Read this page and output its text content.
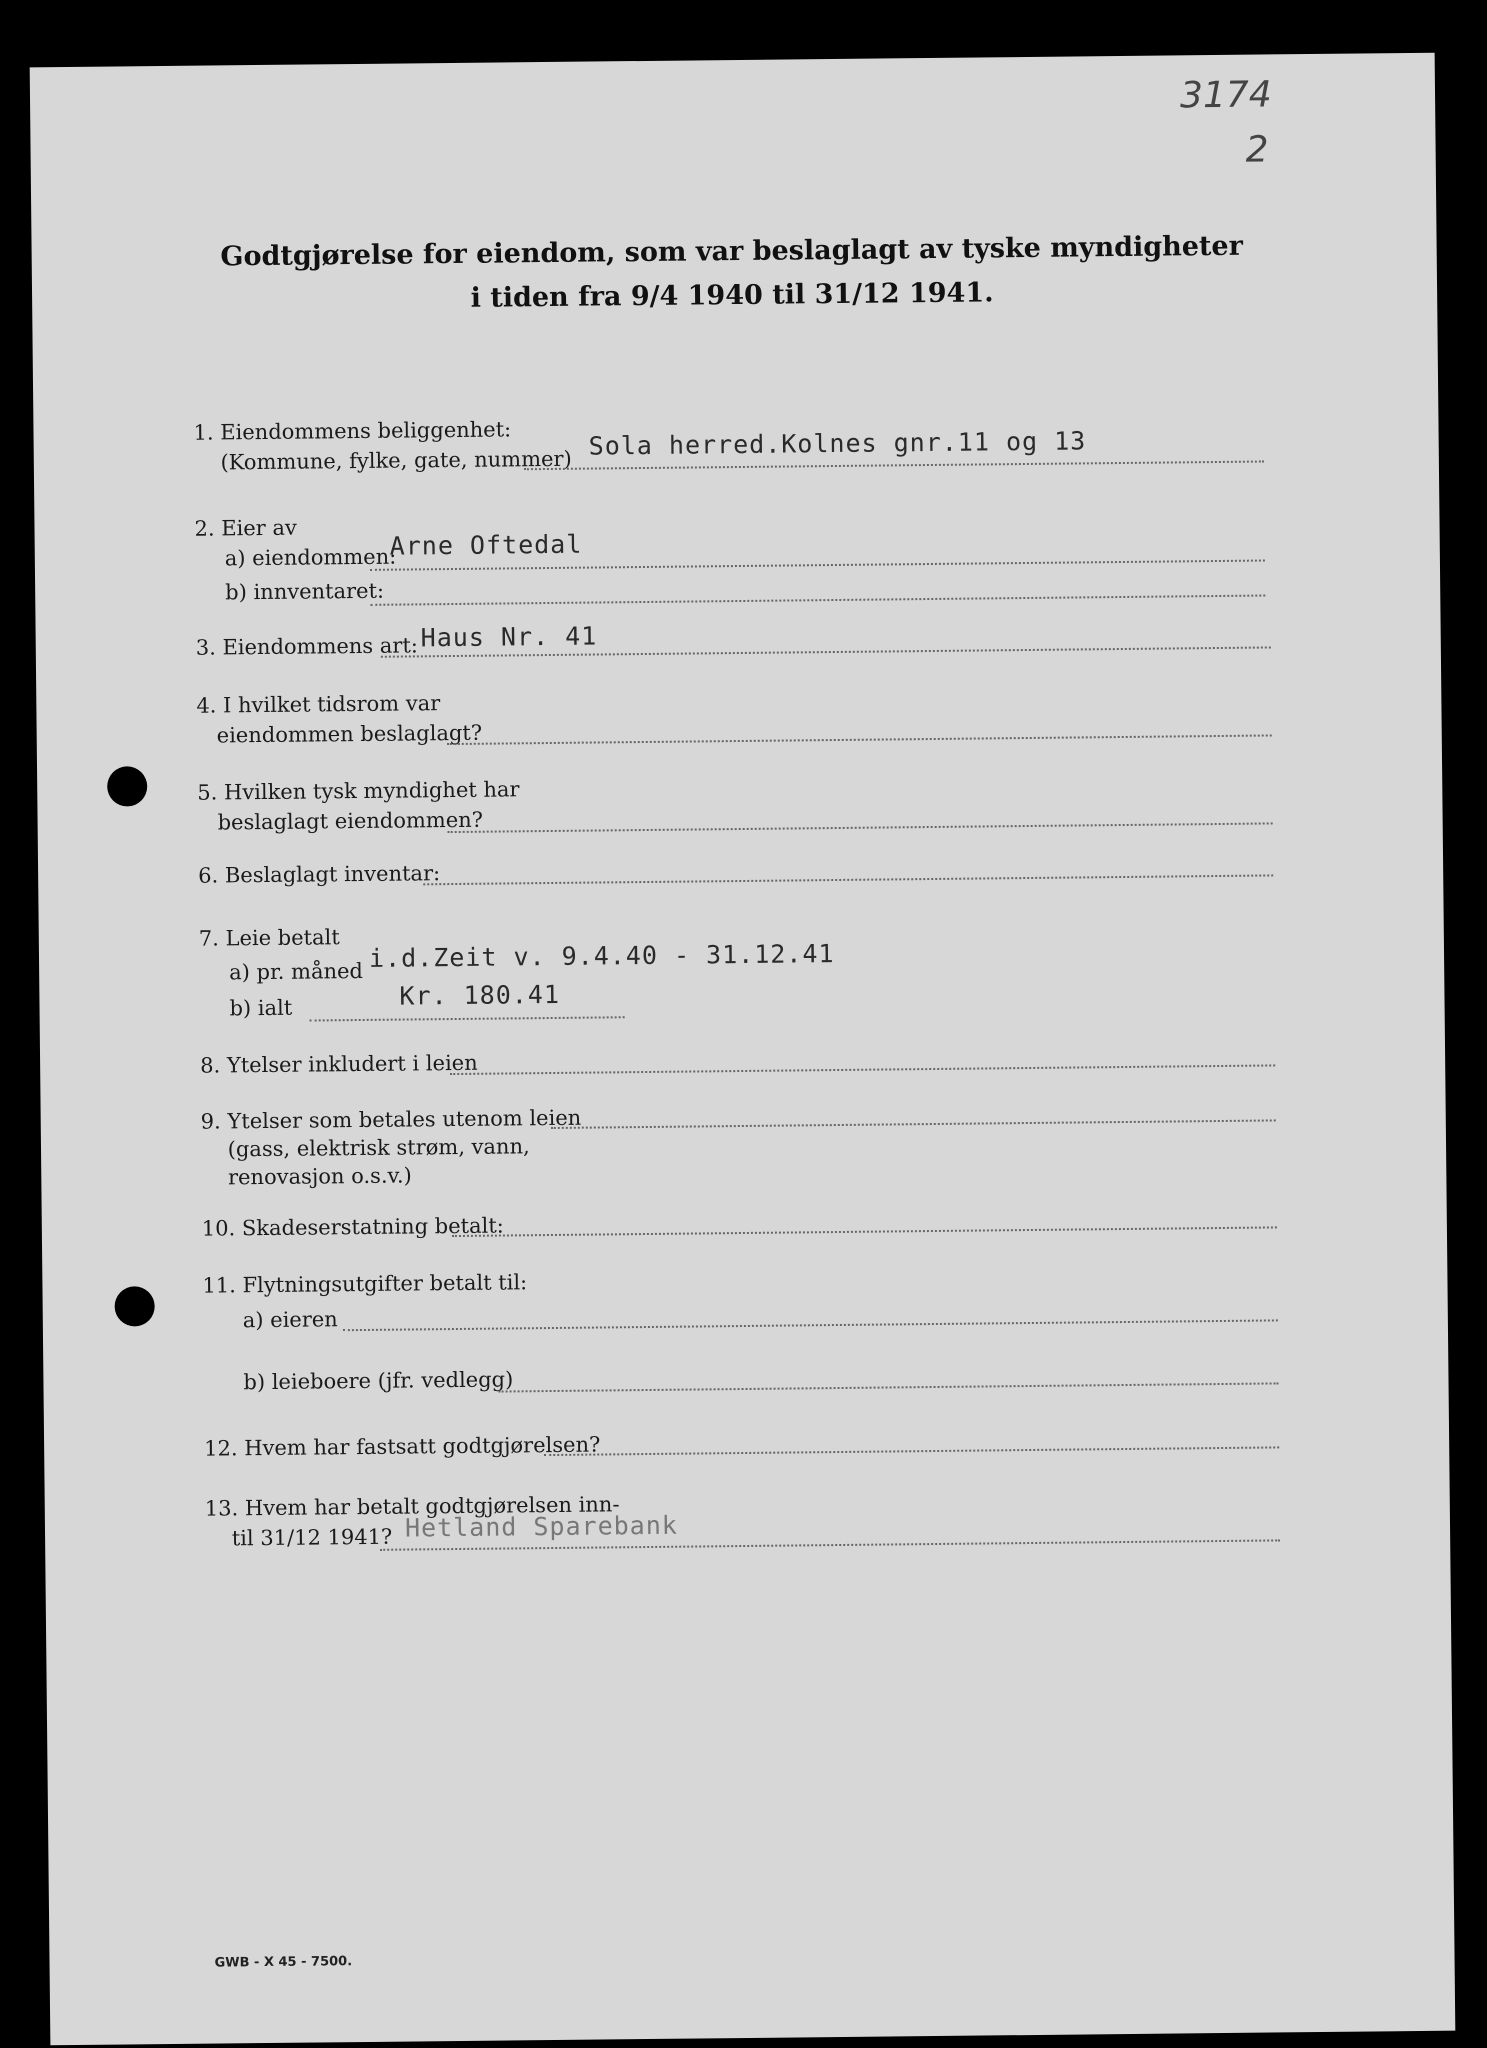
3174
2
Godtgjørelse for eiendom, som var beslaglagt av tyske myndigheter
i tiden fra 9/4 1940 til 31/12 1941.
1. Eiendommens beliggenhet:
(Kommune, fylke, gate, nummer)
Sola herred.Kolnes gnr.11 og 13
2. Eier av
a) eiendommen:
Arne Oftedal
b) innventaret:
3. Eiendommens art: Haus Nr. 41
4. I hvilket tidsrom var
eiendommen beslaglagt?
5. Hvilken tysk myndighet har
beslaglagt eiendommen?
6. Beslaglagt inventar:
7. Leie betalt
a) pr. måned i.d.Zeit v. 9.4.40 - 31.12.41
b) ialt	Kr. 180.41
8. Ytelser inkludert i leien
9. Ytelser som betales utenom leien
(gass, elektrisk strøm, vann,
renovasjon o.s.v.)
10. Skadeserstatning betalt:
11. Flytningsutgifter betalt til:
a) eieren
b) leieboere (jfr. vedlegg)
12. Hvem har fastsatt godtgjørelsen?
13. Hvem har betalt godtgjørelsen inn-
til 31/12 1941? Hetland Sparebank
GWB - X 45 - 7500.
